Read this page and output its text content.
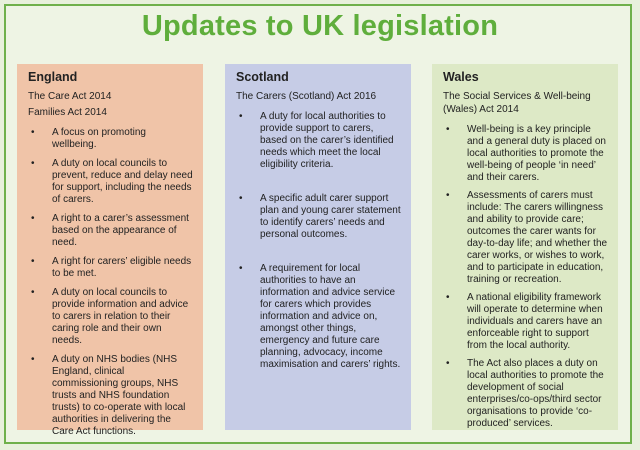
Updates to UK legislation
England
The Care Act 2014
Families Act 2014
• A focus on promoting wellbeing.
• A duty on local councils to prevent, reduce and delay need for support, including the needs of carers.
• A right to a carer’s assessment based on the appearance of need.
• A right for carers’ eligible needs to be met.
• A duty on local councils to provide information and advice to carers in relation to their caring role and their own needs.
• A duty on NHS bodies (NHS England, clinical commissioning groups, NHS trusts and NHS foundation trusts) to co-operate with local authorities in delivering the Care Act functions.
Scotland
The Carers (Scotland) Act 2016
• A duty for local authorities to provide support to carers, based on the carer’s identified needs which meet the local eligibility criteria.
• A specific adult carer support plan and young carer statement to identify carers’ needs and personal outcomes.
• A requirement for local authorities to have an information and advice service for carers which provides information and advice on, amongst other things, emergency and future care planning, advocacy, income maximisation and carers’ rights.
Wales
The Social Services & Well-being (Wales) Act 2014
• Well-being is a key principle and a general duty is placed on local authorities to promote the well-being of people ‘in need’ and their carers.
• Assessments of carers must include: The carers willingness and ability to provide care; outcomes the carer wants for day-to-day life; and whether the carer works, or wishes to work, and to participate in education, training or recreation.
• A national eligibility framework will operate to determine when individuals and carers have an enforceable right to support from the local authority.
• The Act also places a duty on local authorities to promote the development of social enterprises/co-ops/third sector organisations to provide ‘co-produced’ services.
